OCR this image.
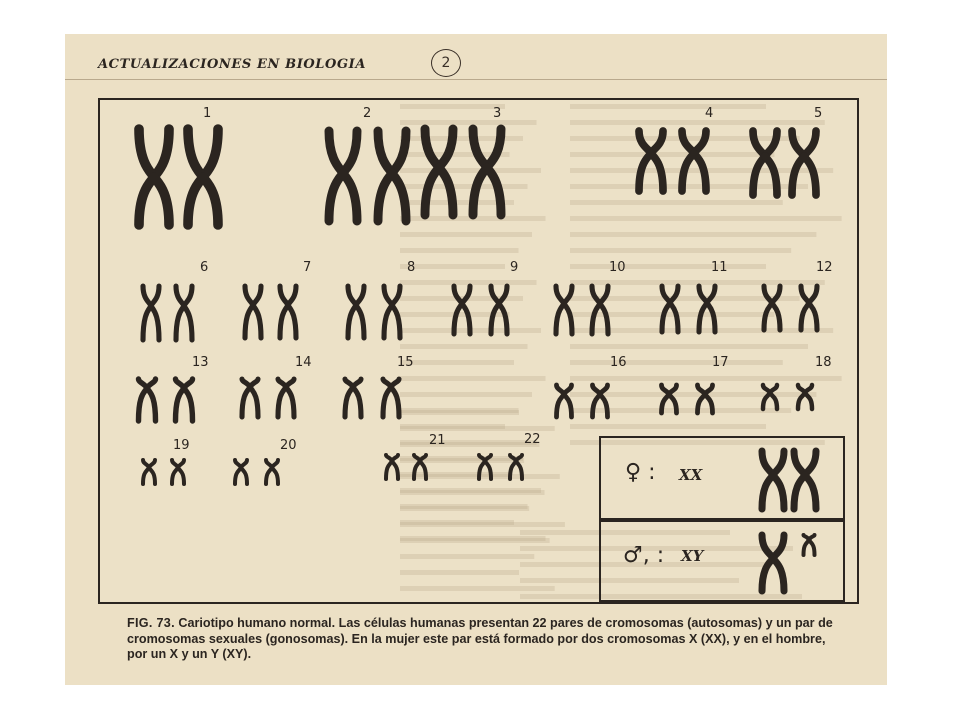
ACTUALIZACIONES EN BIOLOGIA	2
1	2	3	4	5
6	7	8	9	10	11	12
13	14	15	16	17	18
19	20	21	22
♀ : XX
♂, : XY
FIG. 73. Cariotipo humano normal. Las células humanas presentan 22 pares de cromosomas (autosomas) y un par de cromosomas sexuales (gonosomas). En la mujer este par está formado por dos cromosomas X (XX), y en el hombre, por un X y un Y (XY).
